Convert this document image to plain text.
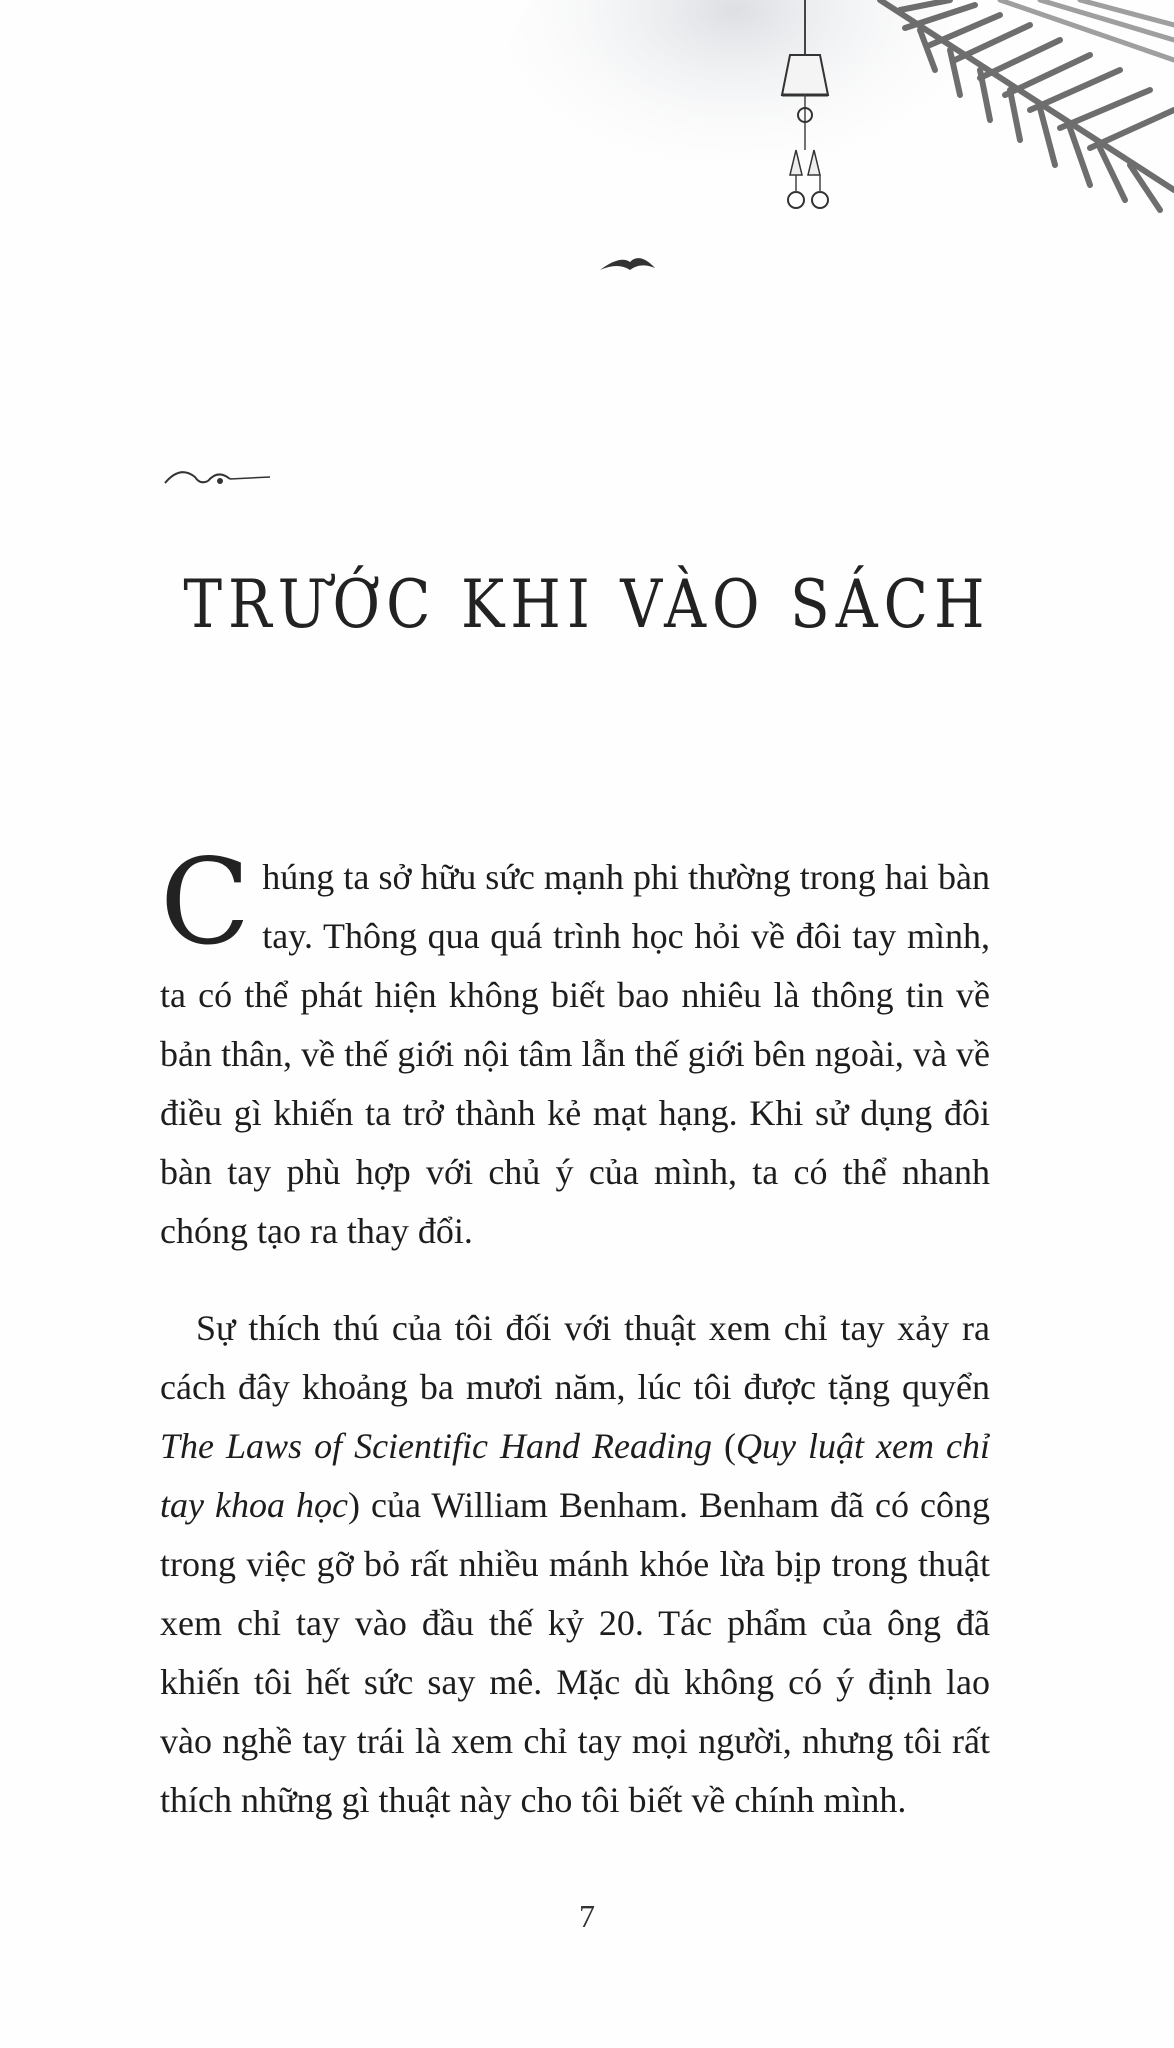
TRƯỚC KHI VÀO SÁCH

Chúng ta sở hữu sức mạnh phi thường trong hai bàn tay. Thông qua quá trình học hỏi về đôi tay mình, ta có thể phát hiện không biết bao nhiêu là thông tin về bản thân, về thế giới nội tâm lẫn thế giới bên ngoài, và về điều gì khiến ta trở thành kẻ mạt hạng. Khi sử dụng đôi bàn tay phù hợp với chủ ý của mình, ta có thể nhanh chóng tạo ra thay đổi.

Sự thích thú của tôi đối với thuật xem chỉ tay xảy ra cách đây khoảng ba mươi năm, lúc tôi được tặng quyển The Laws of Scientific Hand Reading (Quy luật xem chỉ tay khoa học) của William Benham. Benham đã có công trong việc gỡ bỏ rất nhiều mánh khóe lừa bịp trong thuật xem chỉ tay vào đầu thế kỷ 20. Tác phẩm của ông đã khiến tôi hết sức say mê. Mặc dù không có ý định lao vào nghề tay trái là xem chỉ tay mọi người, nhưng tôi rất thích những gì thuật này cho tôi biết về chính mình.

7
